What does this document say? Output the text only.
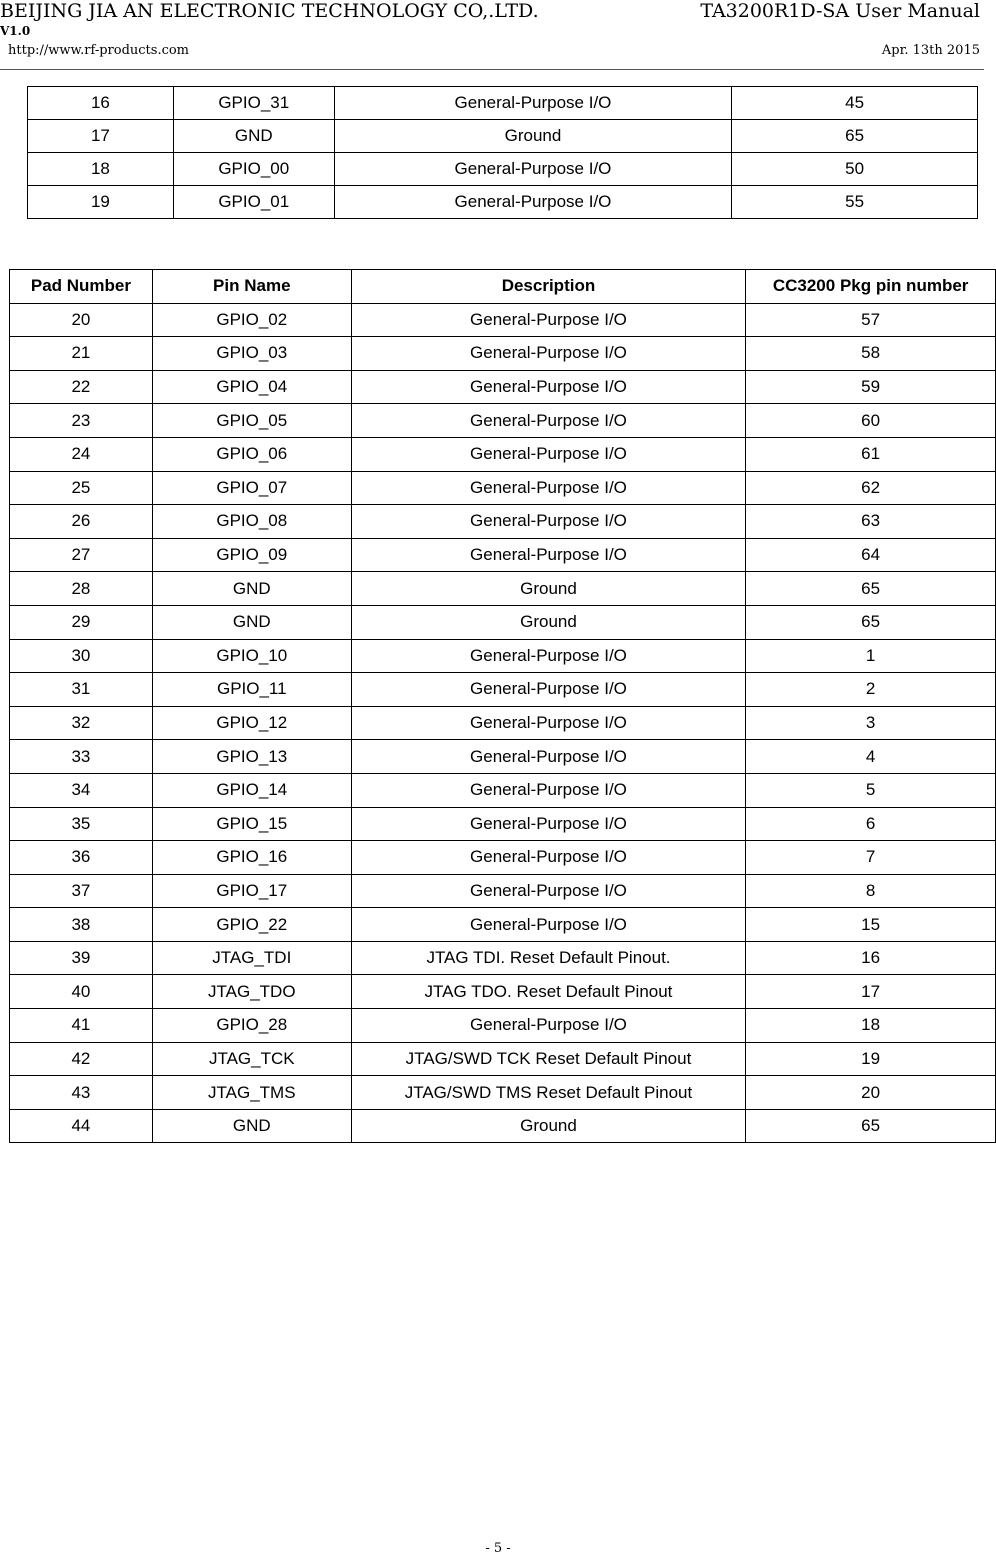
BEIJING JIA AN ELECTRONIC TECHNOLOGY CO,.LTD.	TA3200R1D-SA User Manual
V1.0
http://www.rf-products.com	Apr. 13th 2015
16	GPIO_31	General-Purpose I/O	45
17	GND	Ground	65
18	GPIO_00	General-Purpose I/O	50
19	GPIO_01	General-Purpose I/O	55
Pad Number	Pin Name	Description	CC3200 Pkg pin number
20	GPIO_02	General-Purpose I/O	57
21	GPIO_03	General-Purpose I/O	58
22	GPIO_04	General-Purpose I/O	59
23	GPIO_05	General-Purpose I/O	60
24	GPIO_06	General-Purpose I/O	61
25	GPIO_07	General-Purpose I/O	62
26	GPIO_08	General-Purpose I/O	63
27	GPIO_09	General-Purpose I/O	64
28	GND	Ground	65
29	GND	Ground	65
30	GPIO_10	General-Purpose I/O	1
31	GPIO_11	General-Purpose I/O	2
32	GPIO_12	General-Purpose I/O	3
33	GPIO_13	General-Purpose I/O	4
34	GPIO_14	General-Purpose I/O	5
35	GPIO_15	General-Purpose I/O	6
36	GPIO_16	General-Purpose I/O	7
37	GPIO_17	General-Purpose I/O	8
38	GPIO_22	General-Purpose I/O	15
39	JTAG_TDI	JTAG TDI. Reset Default Pinout.	16
40	JTAG_TDO	JTAG TDO. Reset Default Pinout	17
41	GPIO_28	General-Purpose I/O	18
42	JTAG_TCK	JTAG/SWD TCK Reset Default Pinout	19
43	JTAG_TMS	JTAG/SWD TMS Reset Default Pinout	20
44	GND	Ground	65
- 5 -
